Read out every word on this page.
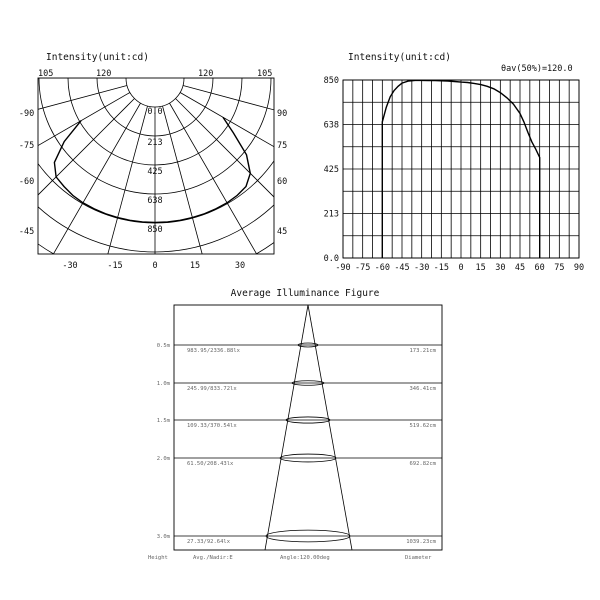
Intensity(unit:cd)
105	120	120	105
- 90
- 75
- 60
- 45
90
75
60
45
-30	-15	0	15	30
0.0
213
425
638
850
Intensity(unit:cd)
θav(50%)=120.0
0.0
213
425
638
850
-90 -75 -60 -45 -30 -15 0 15 30 45 60 75 90
Average Illuminance Figure
0.5m
983.95/2336.88lx	173.21cm
1.0m
245.99/833.72lx	346.41cm
1.5m
109.33/370.54lx	519.62cm
2.0m
61.50/208.43lx	692.82cm
3.0m
27.33/92.64lx	1039.23cm
Height	Avg./Nadir:E	Angle:120.00deg	Diameter
